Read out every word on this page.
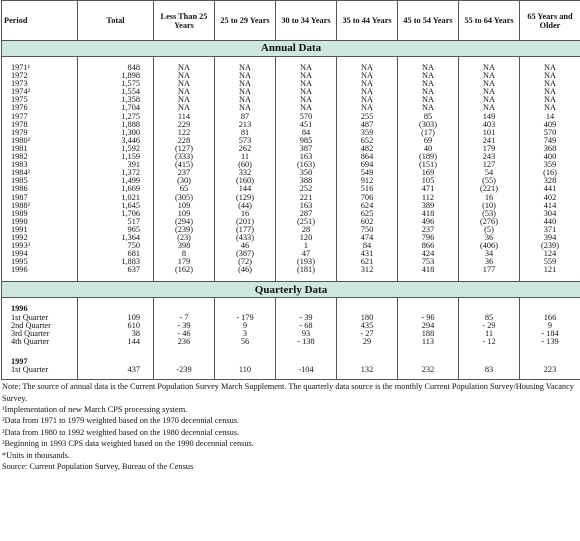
Period	Total	Less Than 25 Years	25 to 29 Years	30 to 34 Years	35 to 44 Years	45 to 54 Years	55 to 64 Years	65 Years and Older
Annual Data								

1971¹	848	NA	NA	NA	NA	NA	NA	NA
1972	1,898	NA	NA	NA	NA	NA	NA	NA
1973	1,575	NA	NA	NA	NA	NA	NA	NA
1974²	1,554	NA	NA	NA	NA	NA	NA	NA
1975	1,358	NA	NA	NA	NA	NA	NA	NA
1976	1,704	NA	NA	NA	NA	NA	NA	NA
1977	1,275	114	87	570	255	85	149	14
1978	1,888	229	213	451	487	(303)	403	409
1979	1,300	122	81	84	359	(17)	101	570
1980²	3,446	228	573	985	652	69	241	749
1981	1,592	(127)	262	387	482	40	179	368
1982	1,159	(333)	11	163	864	(189)	243	400
1983	391	(415)	(60)	(163)	694	(151)	127	359
1984²	1,372	237	332	350	549	169	54	(16)
1985	1,499	(30)	(160)	388	912	105	(55)	328
1986	1,669	65	144	252	516	471	(221)	441
1987	1,021	(305)	(129)	221	706	112	16	402
1988²	1,645	109	(44)	163	624	389	(10)	414
1989	1,706	109	16	287	625	418	(53)	304
1990	517	(294)	(201)	(251)	602	496	(276)	440
1991	965	(239)	(177)	28	750	237	(5)	371
1992	1,364	(23)	(433)	120	474	796	36	394
1993³	750	398	46	1	84	866	(406)	(239)
1994	681	8	(387)	47	431	424	34	124
1995	1,883	179	(72)	(193)	621	753	36	559
1996	637	(162)	(46)	(181)	312	418	177	121

Quarterly Data								

1996								
1st Quarter	109	- 7	- 179	- 39	180	- 96	85	166
2nd Quarter	610	- 39	9	- 68	435	294	- 29	9
3rd Quarter	38	- 46	3	93	- 27	188	11	- 184
4th Quarter	144	236	56	- 138	29	113	- 12	- 139

1997								
1st Quarter	437	-239	110	-104	132	232	83	223
Note: The source of annual data is the Current Population Survey March Supplement. The quarterly data source is the monthly Current Population Survey/Housing Vacancy Survey.
¹Implementation of new March CPS processing system.
²Data from 1971 to 1979 weighted based on the 1970 decennial census.
²Data from 1980 to 1992 weighted based on the 1980 decennial census.
³Beginning in 1993 CPS data weighted based on the 1990 decennial census.
*Units in thousands.
Source: Current Population Survey, Bureau of the Census
